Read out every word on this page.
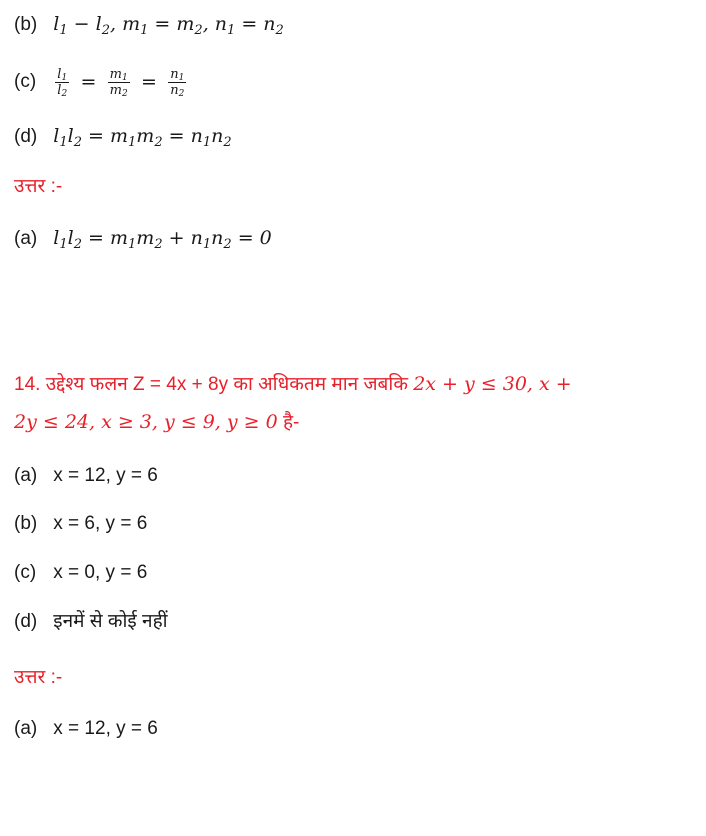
(b) $l_1 - l_2$, $m_1 = m_2$, $n_1 = n_2$
$(c) \frac{l_1}{l_2} = \frac{m_1}{m_2} = \frac{n_1}{n_2}$
(d) $l_1l_2 = m_1m_2 = n_1n_2$
उत्तर :-
(a) $l_1l_2 = m_1m_2 + n_1n_2 = 0$
14. उद्देश्य फलन Z = 4x + 8y का अधिकतम मान जबकि 2x + y ≤ 30, x +
2y ≤ 24, x ≥ 3, y ≤ 9, y ≥ 0 है-
(a) x = 12, y = 6
(b) x = 6, y = 6
(c) x = 0, y = 6
(d) इनमें से कोई नहीं
उत्तर :-
(a) x = 12, y = 6
